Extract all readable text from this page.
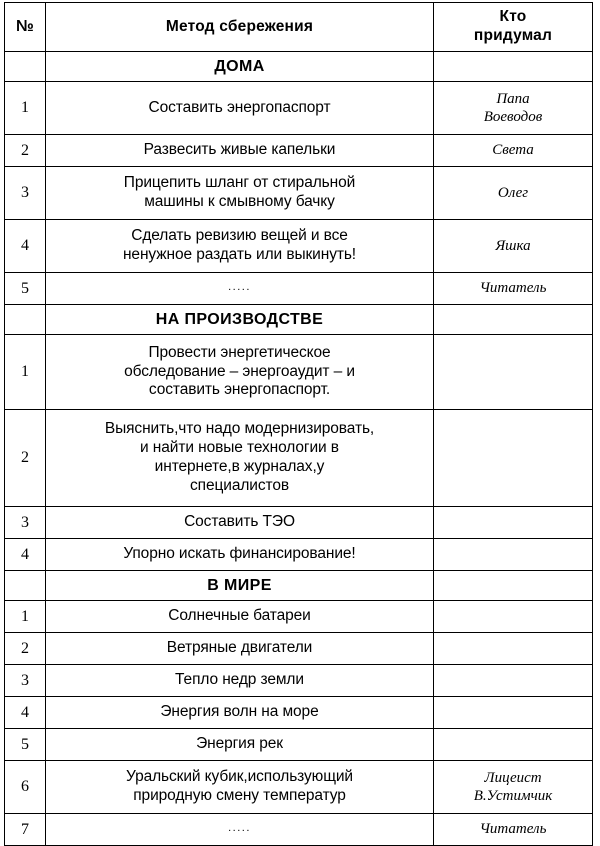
№	Метод сбережения	Кто
придумал

	ДОМА	
1	Составить энергопаспорт	Папа
Воеводов

2	Развесить живые капельки	Света

3	Прицепить шланг от стиральной
машины к смывному бачку	Олег

4	Сделать ревизию вещей и все
ненужное раздать или выкинуть!	Яшка

5	.....	Читатель

	НА ПРОИЗВОДСТВЕ	
1	Провести энергетическое
обследование – энергоаудит – и
составить энергопаспорт.	

2	Выяснить,что надо модернизировать,
и найти новые технологии в
интернете,в журналах,у
специалистов	

3	Составить ТЭО	

4	Упорно искать финансирование!	

	В МИРЕ	
1	Солнечные батареи	

2	Ветряные двигатели	

3	Тепло недр земли	

4	Энергия волн на море	

5	Энергия рек	

6	Уральский кубик,использующий
природную смену температур	Лицеист
В.Устимчик

7	.....	Читатель
